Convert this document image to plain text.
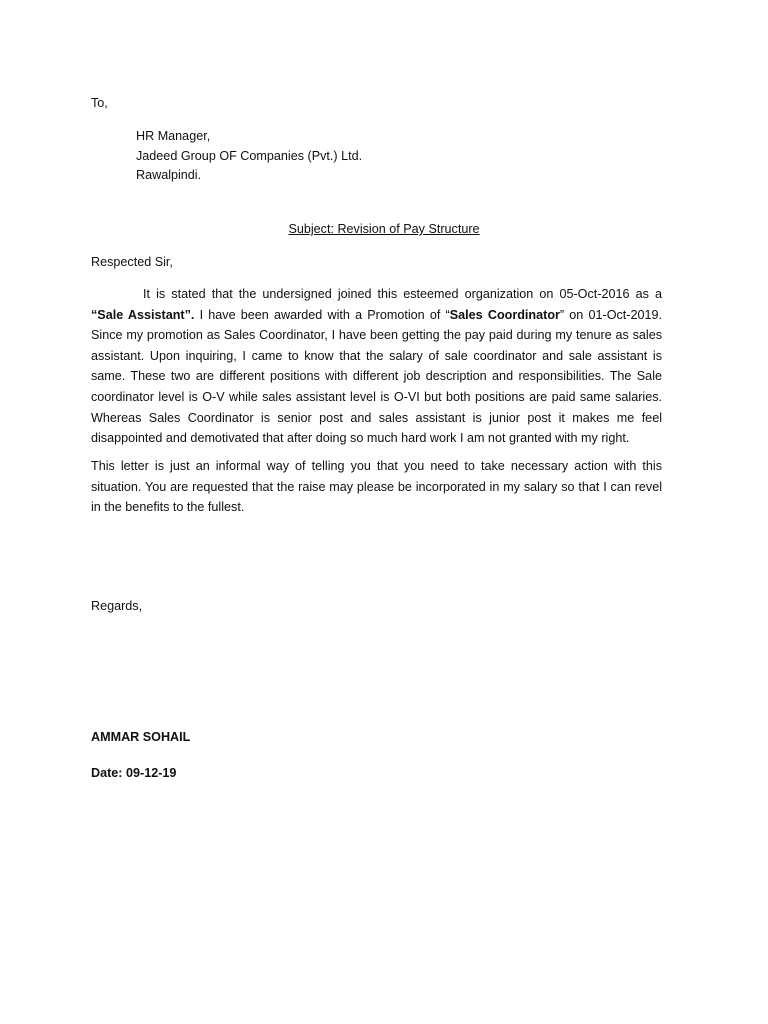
To,
HR Manager,
Jadeed Group OF Companies (Pvt.) Ltd.
Rawalpindi.
Subject: Revision of Pay Structure
Respected Sir,
It is stated that the undersigned joined this esteemed organization on 05-Oct-2016 as a “Sale Assistant”. I have been awarded with a Promotion of “Sales Coordinator” on 01-Oct-2019. Since my promotion as Sales Coordinator, I have been getting the pay paid during my tenure as sales assistant. Upon inquiring, I came to know that the salary of sale coordinator and sale assistant is same. These two are different positions with different job description and responsibilities. The Sale coordinator level is O-V while sales assistant level is O-VI but both positions are paid same salaries. Whereas Sales Coordinator is senior post and sales assistant is junior post it makes me feel disappointed and demotivated that after doing so much hard work I am not granted with my right.
This letter is just an informal way of telling you that you need to take necessary action with this situation. You are requested that the raise may please be incorporated in my salary so that I can revel in the benefits to the fullest.
Regards,
AMMAR SOHAIL
Date: 09-12-19
